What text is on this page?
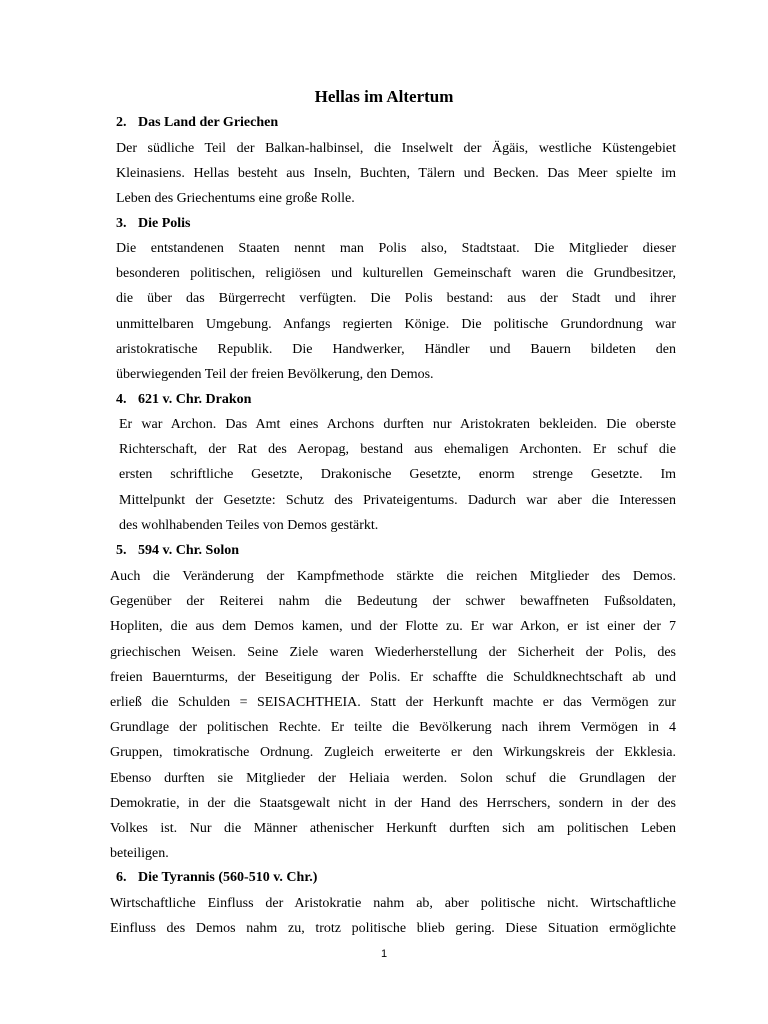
Hellas im Altertum
2. Das Land der Griechen
Der südliche Teil der Balkan-halbinsel, die Inselwelt der Ägäis, westliche Küstengebiet
Kleinasiens. Hellas besteht aus Inseln, Buchten, Tälern und Becken. Das Meer spielte im
Leben des Griechentums eine große Rolle.
3. Die Polis
Die entstandenen Staaten nennt man Polis also, Stadtstaat. Die Mitglieder dieser
besonderen politischen, religiösen und kulturellen Gemeinschaft waren die Grundbesitzer,
die über das Bürgerrecht verfügten. Die Polis bestand: aus der Stadt und ihrer
unmittelbaren Umgebung. Anfangs regierten Könige. Die politische Grundordnung war
aristokratische Republik. Die Handwerker, Händler und Bauern bildeten den
überwiegenden Teil der freien Bevölkerung, den Demos.
4. 621 v. Chr. Drakon
Er war Archon. Das Amt eines Archons durften nur Aristokraten bekleiden. Die oberste
Richterschaft, der Rat des Aeropag, bestand aus ehemaligen Archonten. Er schuf die
ersten schriftliche Gesetzte, Drakonische Gesetzte, enorm strenge Gesetzte. Im
Mittelpunkt der Gesetzte: Schutz des Privateigentums. Dadurch war aber die Interessen
des wohlhabenden Teiles von Demos gestärkt.
5. 594 v. Chr. Solon
Auch die Veränderung der Kampfmethode stärkte die reichen Mitglieder des Demos.
Gegenüber der Reiterei nahm die Bedeutung der schwer bewaffneten Fußsoldaten,
Hopliten, die aus dem Demos kamen, und der Flotte zu. Er war Arkon, er ist einer der 7
griechischen Weisen. Seine Ziele waren Wiederherstellung der Sicherheit der Polis, des
freien Bauernturms, der Beseitigung der Polis. Er schaffte die Schuldknechtschaft ab und
erließ die Schulden = SEISACHTHEIA. Statt der Herkunft machte er das Vermögen zur
Grundlage der politischen Rechte. Er teilte die Bevölkerung nach ihrem Vermögen in 4
Gruppen, timokratische Ordnung. Zugleich erweiterte er den Wirkungskreis der Ekklesia.
Ebenso durften sie Mitglieder der Heliaia werden. Solon schuf die Grundlagen der
Demokratie, in der die Staatsgewalt nicht in der Hand des Herrschers, sondern in der des
Volkes ist. Nur die Männer athenischer Herkunft durften sich am politischen Leben
beteiligen.
6. Die Tyrannis (560-510 v. Chr.)
Wirtschaftliche Einfluss der Aristokratie nahm ab, aber politische nicht. Wirtschaftliche
Einfluss des Demos nahm zu, trotz politische blieb gering. Diese Situation ermöglichte
1
